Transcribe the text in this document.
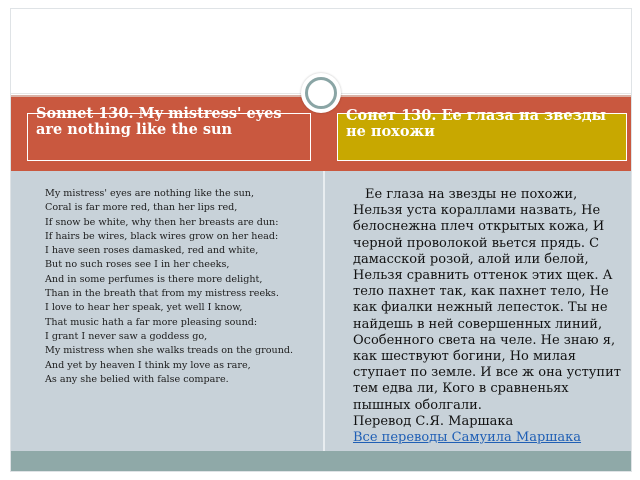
Sonnet 130. My mistress' eyes are nothing like the sun
Сонет 130. Ее глаза на звезды не похожи
My mistress' eyes are nothing like the sun,
Coral is far more red, than her lips red,
If snow be white, why then her breasts are dun:
If hairs be wires, black wires grow on her head:
I have seen roses damasked, red and white,
But no such roses see I in her cheeks,
And in some perfumes is there more delight,
Than in the breath that from my mistress reeks.
I love to hear her speak, yet well I know,
That music hath a far more pleasing sound:
I grant I never saw a goddess go,
My mistress when she walks treads on the ground.
And yet by heaven I think my love as rare,
As any she belied with false compare.
Ее глаза на звезды не похожи, Нельзя уста кораллами назвать, Не белоснежна плеч открытых кожа, И черной проволокой вьется прядь. С дамасской розой, алой или белой, Нельзя сравнить оттенок этих щек. А тело пахнет так, как пахнет тело, Не как фиалки нежный лепесток. Ты не найдешь в ней совершенных линий, Особенного света на челе. Не знаю я, как шествуют богини, Но милая ступает по земле. И все ж она уступит тем едва ли, Кого в сравненьях пышных оболгали.
Перевод С.Я. Маршака
Все переводы Самуила Маршака
